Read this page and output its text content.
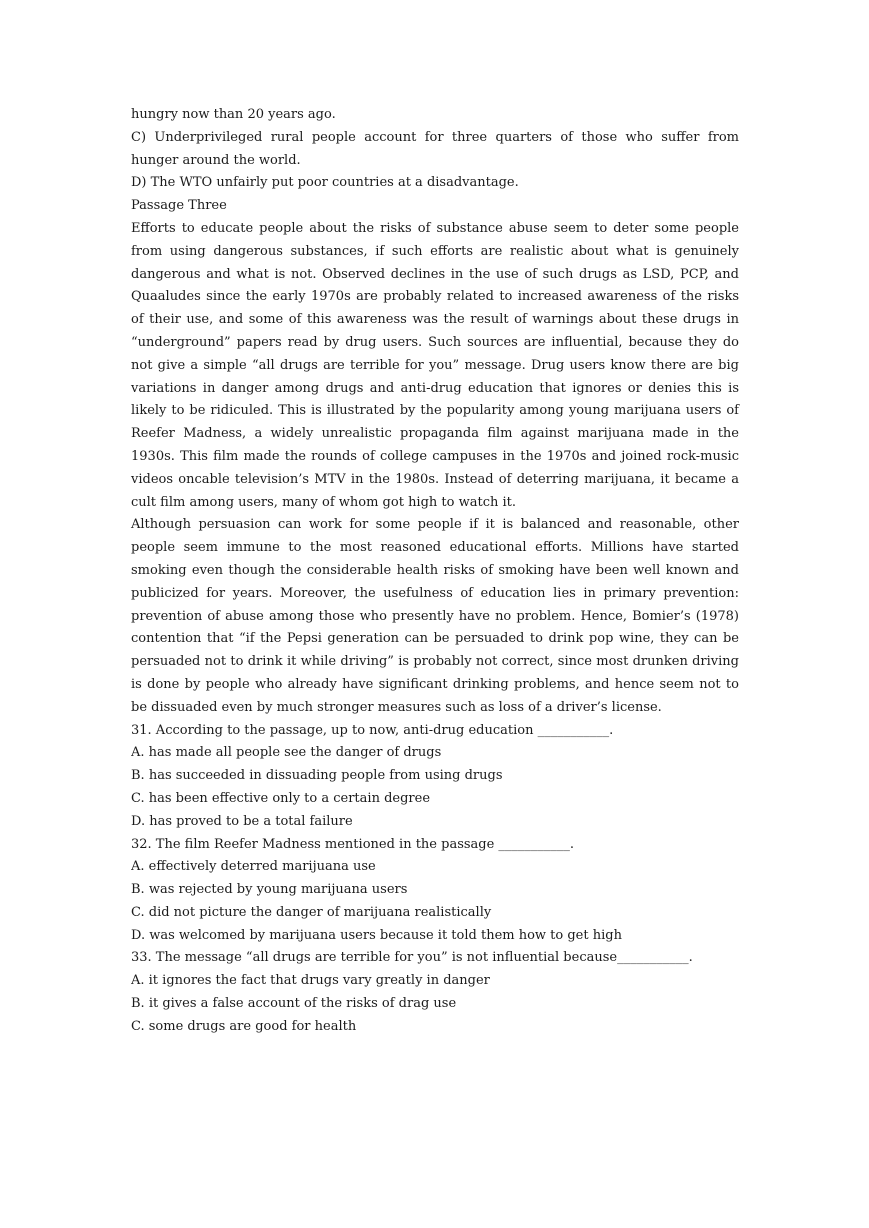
hungry now than 20 years ago.
C) Underprivileged rural people account for three quarters of those who suffer from hunger around the world.
D) The WTO unfairly put poor countries at a disadvantage.
Passage Three
Efforts to educate people about the risks of substance abuse seem to deter some people from using dangerous substances, if such efforts are realistic about what is genuinely dangerous and what is not. Observed declines in the use of such drugs as LSD, PCP, and Quaaludes since the early 1970s are probably related to increased awareness of the risks of their use, and some of this awareness was the result of warnings about these drugs in “underground” papers read by drug users. Such sources are influential, because they do not give a simple “all drugs are terrible for you” message. Drug users know there are big variations in danger among drugs and anti-drug education that ignores or denies this is likely to be ridiculed. This is illustrated by the popularity among young marijuana users of Reefer Madness, a widely unrealistic propaganda film against marijuana made in the 1930s. This film made the rounds of college campuses in the 1970s and joined rock-music videos oncable television’s MTV in the 1980s. Instead of deterring marijuana, it became a cult film among users, many of whom got high to watch it.
Although persuasion can work for some people if it is balanced and reasonable, other people seem immune to the most reasoned educational efforts. Millions have started smoking even though the considerable health risks of smoking have been well known and publicized for years. Moreover, the usefulness of education lies in primary prevention: prevention of abuse among those who presently have no problem. Hence, Bomier’s (1978) contention that “if the Pepsi generation can be persuaded to drink pop wine, they can be persuaded not to drink it while driving” is probably not correct, since most drunken driving is done by people who already have significant drinking problems, and hence seem not to be dissuaded even by much stronger measures such as loss of a driver’s license.
31. According to the passage, up to now, anti-drug education ___________.
A. has made all people see the danger of drugs
B. has succeeded in dissuading people from using drugs
C. has been effective only to a certain degree
D. has proved to be a total failure
32. The film Reefer Madness mentioned in the passage ___________.
A. effectively deterred marijuana use
B. was rejected by young marijuana users
C. did not picture the danger of marijuana realistically
D. was welcomed by marijuana users because it told them how to get high
33. The message “all drugs are terrible for you” is not influential because___________.
A. it ignores the fact that drugs vary greatly in danger
B. it gives a false account of the risks of drag use
C. some drugs are good for health
